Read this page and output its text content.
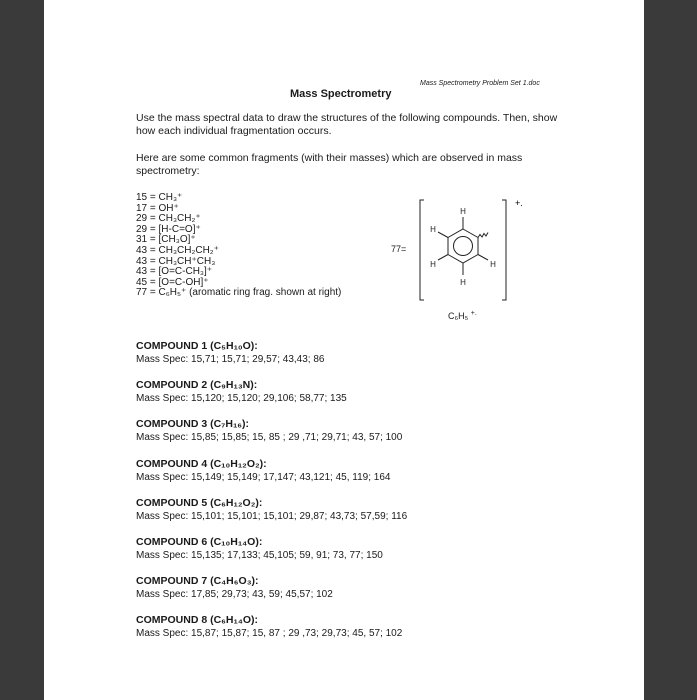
Mass Spectrometry Problem Set 1.doc
Mass Spectrometry

Use the mass spectral data to draw the structures of the following compounds. Then, show how each individual fragmentation occurs.

Here are some common fragments (with their masses) which are observed in mass spectrometry:

15 = CH₃⁺
17 = OH⁺
29 = CH₃CH₂⁺
29 = [H-C=O]⁺
31 = [CH₃O]⁺
43 = CH₃CH₂CH₂⁺
43 = CH₃CH⁺CH₃
43 = [O=C-CH₃]⁺
45 = [O=C-OH]⁺
77 = C₆H₅⁺ (aromatic ring frag. shown at right)
77=
+.
H
H
H	H
H
C₆H₅ +.
COMPOUND 1 (C₅H₁₀O):
Mass Spec: 15,71; 15,71; 29,57; 43,43; 86
COMPOUND 2 (C₉H₁₃N):
Mass Spec: 15,120; 15,120; 29,106; 58,77; 135
COMPOUND 3 (C₇H₁₆):
Mass Spec: 15,85; 15,85; 15, 85 ; 29 ,71; 29,71; 43, 57; 100
COMPOUND 4 (C₁₀H₁₂O₂):
Mass Spec: 15,149; 15,149; 17,147; 43,121; 45, 119; 164
COMPOUND 5 (C₆H₁₂O₂):
Mass Spec: 15,101; 15,101; 15,101; 29,87; 43,73; 57,59; 116
COMPOUND 6 (C₁₀H₁₄O):
Mass Spec: 15,135; 17,133; 45,105; 59, 91; 73, 77; 150
COMPOUND 7 (C₄H₆O₃):
Mass Spec: 17,85; 29,73; 43, 59; 45,57; 102
COMPOUND 8 (C₆H₁₄O):
Mass Spec: 15,87; 15,87; 15, 87 ; 29 ,73; 29,73; 45, 57; 102
